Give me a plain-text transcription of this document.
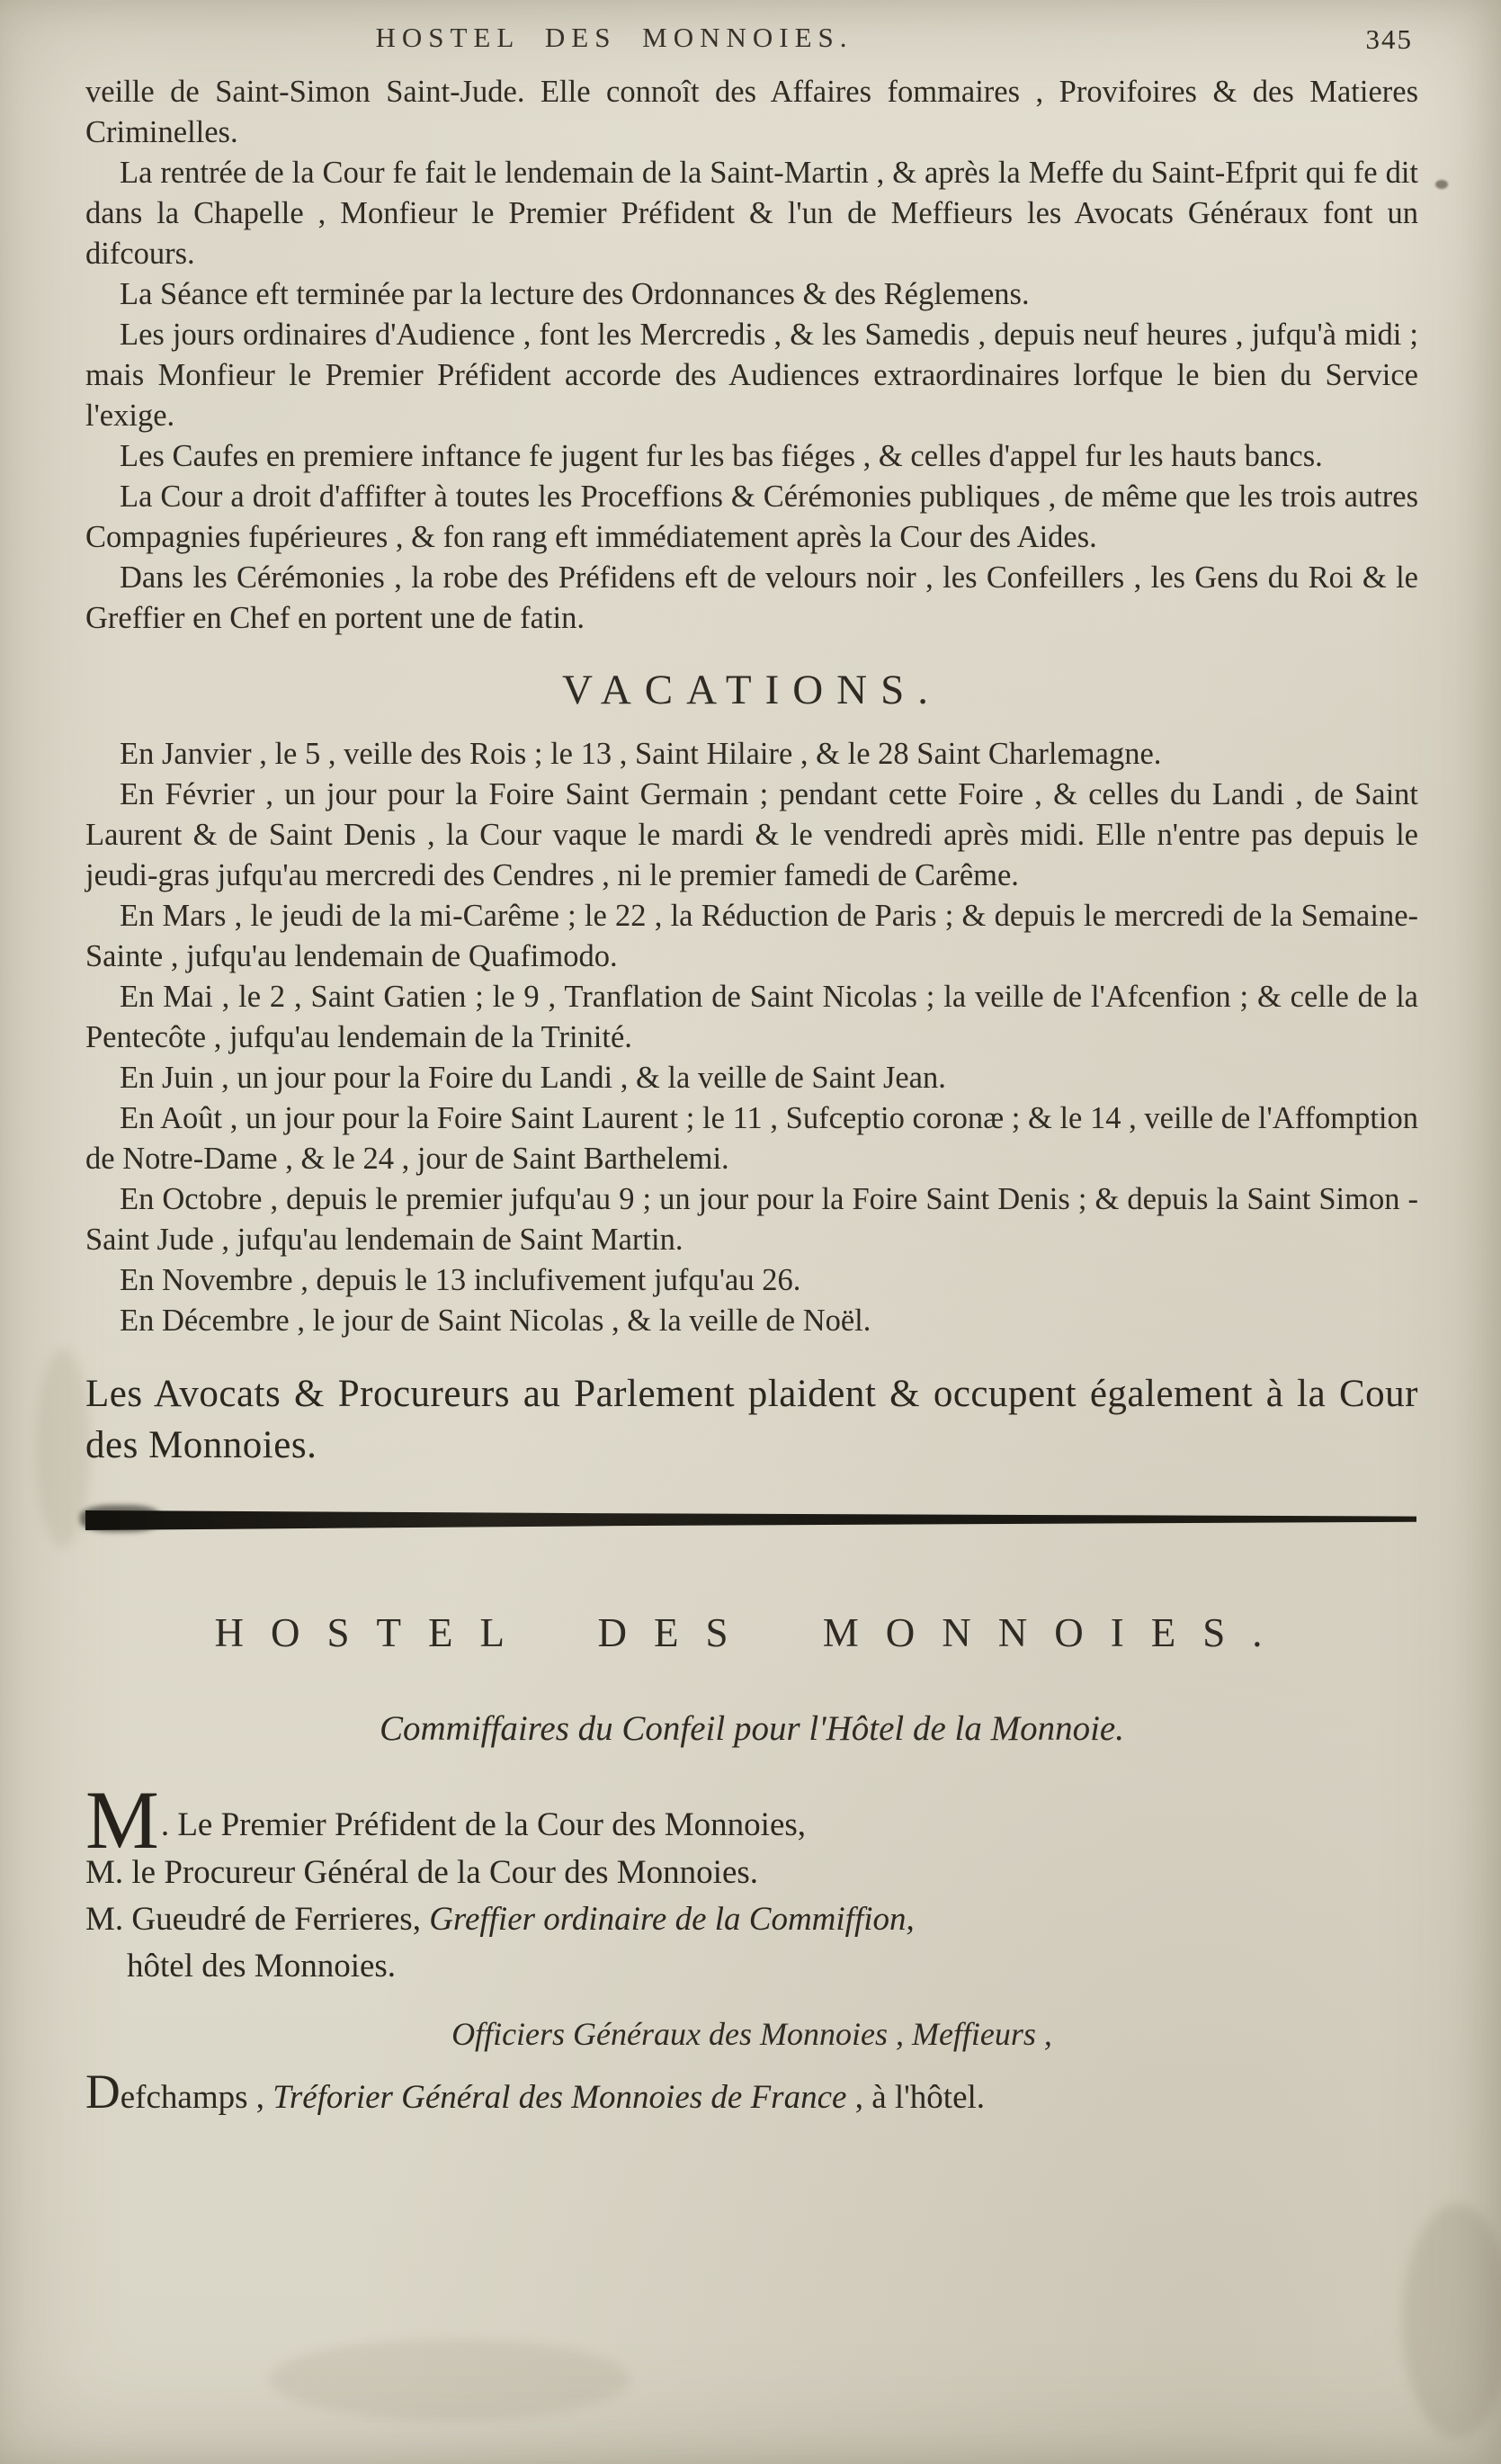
HOSTEL DES MONNOIES.	345

veille de Saint-Simon Saint-Jude. Elle connoît des Affaires fommaires , Provifoires & des Matieres Criminelles.

La rentrée de la Cour fe fait le lendemain de la Saint-Martin , & après la Meffe du Saint-Efprit qui fe dit dans la Chapelle , Monfieur le Premier Préfident & l'un de Meffieurs les Avocats Généraux font un difcours.

La Séance eft terminée par la lecture des Ordonnances & des Réglemens.

Les jours ordinaires d'Audience , font les Mercredis , & les Samedis , depuis neuf heures , jufqu'à midi ; mais Monfieur le Premier Préfident accorde des Audiences extraordinaires lorfque le bien du Service l'exige.

Les Caufes en premiere inftance fe jugent fur les bas fiéges , & celles d'appel fur les hauts bancs.

La Cour a droit d'affifter à toutes les Proceffions & Cérémonies publiques , de même que les trois autres Compagnies fupérieures , & fon rang eft immédiatement après la Cour des Aides.

Dans les Cérémonies , la robe des Préfidens eft de velours noir , les Confeillers , les Gens du Roi & le Greffier en Chef en portent une de fatin.

VACATIONS.

En Janvier , le 5 , veille des Rois ; le 13 , Saint Hilaire , & le 28 Saint Charlemagne.

En Février , un jour pour la Foire Saint Germain ; pendant cette Foire , & celles du Landi , de Saint Laurent & de Saint Denis , la Cour vaque le mardi & le vendredi après midi. Elle n'entre pas depuis le jeudi-gras jufqu'au mercredi des Cendres , ni le premier famedi de Carême.

En Mars , le jeudi de la mi-Carême ; le 22 , la Réduction de Paris ; & depuis le mercredi de la Semaine-Sainte , jufqu'au lendemain de Quafimodo.

En Mai , le 2 , Saint Gatien ; le 9 , Tranflation de Saint Nicolas ; la veille de l'Afcenfion ; & celle de la Pentecôte , jufqu'au lendemain de la Trinité.

En Juin , un jour pour la Foire du Landi , & la veille de Saint Jean.

En Août , un jour pour la Foire Saint Laurent ; le 11 , Sufceptio coronæ ; & le 14 , veille de l'Affomption de Notre-Dame , & le 24 , jour de Saint Barthelemi.

En Octobre , depuis le premier jufqu'au 9 ; un jour pour la Foire Saint Denis ; & depuis la Saint Simon - Saint Jude , jufqu'au lendemain de Saint Martin.

En Novembre , depuis le 13 inclufivement jufqu'au 26.

En Décembre , le jour de Saint Nicolas , & la veille de Noël.

Les Avocats & Procureurs au Parlement plaident & occupent également à la Cour des Monnoies.

HOSTEL DES MONNOIES.

Commiffaires du Confeil pour l'Hôtel de la Monnoie.

M. Le Premier Préfident de la Cour des Monnoies,

M. le Procureur Général de la Cour des Monnoies.

M. Gueudré de Ferrieres, Greffier ordinaire de la Commiffion,

hôtel des Monnoies.

Officiers Généraux des Monnoies , Meffieurs ,

Defchamps , Tréforier Général des Monnoies de France , à l'hôtel.
